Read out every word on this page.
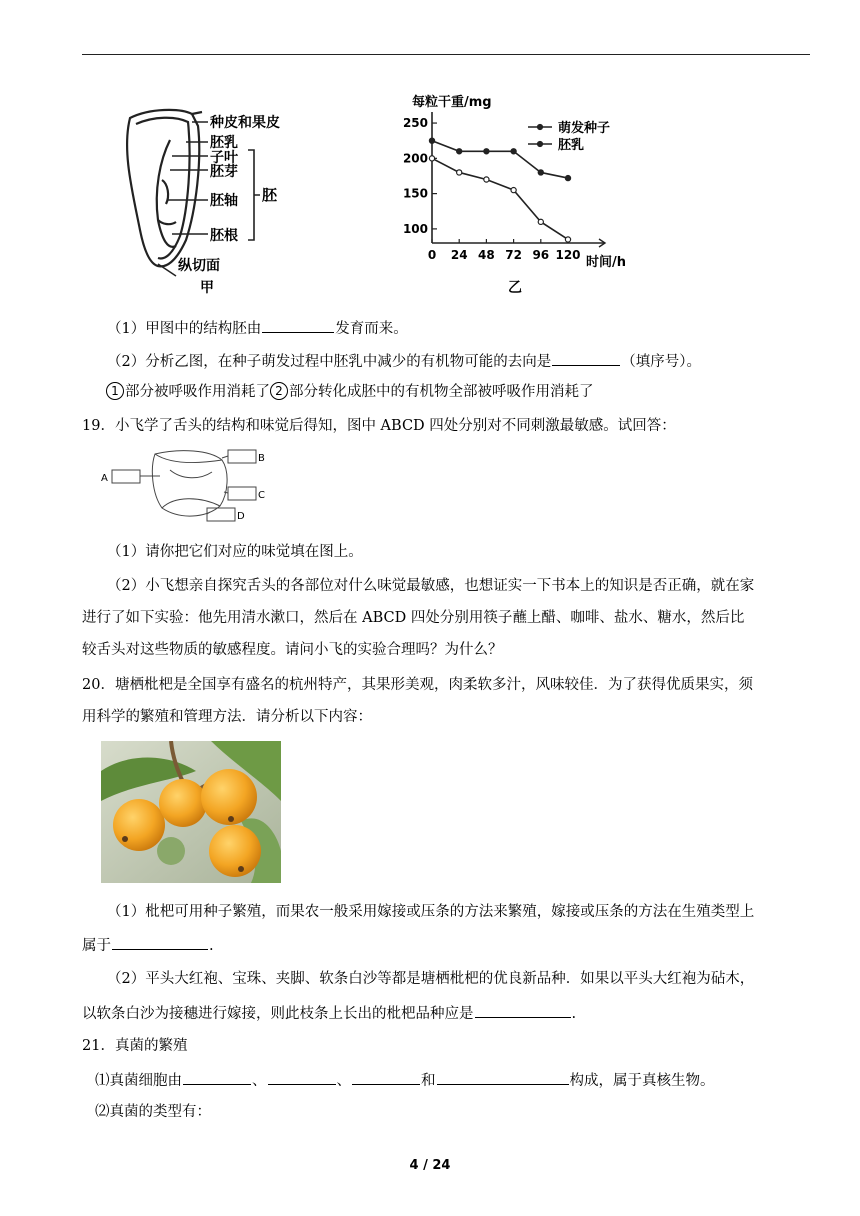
种皮和果皮
胚乳
子叶
胚芽
胚轴
胚根
胚
纵切面
甲
每粒干重/mg
时间/h
乙
100
150
200
250
0 24 48 72 96 120
萌发种子
胚乳
（1）甲图中的结构胚由	发育而来。
（2）分析乙图，在种子萌发过程中胚乳中减少的有机物可能的去向是	（填序号）。
1 部分被呼吸作用消耗了 2 部分转化成胚中的有机物全部被呼吸作用消耗了
19．小飞学了舌头的结构和味觉后得知，图中 ABCD 四处分别对不同刺激最敏感。试回答：
A
B
C
D
（1）请你把它们对应的味觉填在图上。
（2）小飞想亲自探究舌头的各部位对什么味觉最敏感，也想证实一下书本上的知识是否正确，就在家
进行了如下实验：他先用清水漱口，然后在 ABCD 四处分别用筷子蘸上醋、咖啡、盐水、糖水，然后比
较舌头对这些物质的敏感程度。请问小飞的实验合理吗？为什么？
20．塘栖枇杷是全国享有盛名的杭州特产，其果形美观，肉柔软多汁，风味较佳．为了获得优质果实，须
用科学的繁殖和管理方法．请分析以下内容：
（1）枇杷可用种子繁殖，而果农一般采用嫁接或压条的方法来繁殖，嫁接或压条的方法在生殖类型上
属于	.
（2）平头大红袍、宝珠、夹脚、软条白沙等都是塘栖枇杷的优良新品种．如果以平头大红袍为砧木，
以软条白沙为接穗进行嫁接，则此枝条上长出的枇杷品种应是	.
21．真菌的繁殖
⑴真菌细胞由	、	、	和	构成，属于真核生物。
⑵真菌的类型有：
4 / 24
